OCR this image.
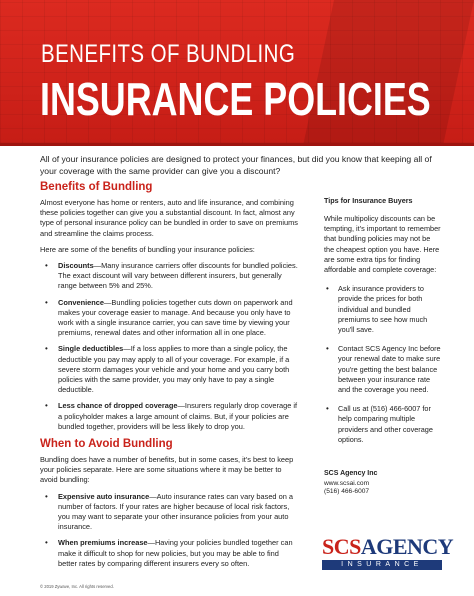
BENEFITS OF BUNDLING
INSURANCE POLICIES

All of your insurance policies are designed to protect your finances, but did you know that keeping all of your coverage with the same provider can give you a discount?

Benefits of Bundling

Almost everyone has home or renters, auto and life insurance, and combining these policies together can give you a substantial discount. In fact, almost any type of personal insurance policy can be bundled in order to save on premiums and streamline the claims process.

Here are some of the benefits of bundling your insurance policies:

• Discounts—Many insurance carriers offer discounts for bundled policies. The exact discount will vary between different insurers, but generally range between 5% and 25%.
• Convenience—Bundling policies together cuts down on paperwork and makes your coverage easier to manage. And because you only have to work with a single insurance carrier, you can save time by viewing your premiums, renewal dates and other information all in one place.
• Single deductibles—If a loss applies to more than a single policy, the deductible you pay may apply to all of your coverage. For example, if a severe storm damages your vehicle and your home and you carry both policies with the same provider, you may only have to pay a single deductible.
• Less chance of dropped coverage—Insurers regularly drop coverage if a policyholder makes a large amount of claims. But, if your policies are bundled together, providers will be less likely to drop you.
When to Avoid Bundling

Bundling does have a number of benefits, but in some cases, it's best to keep your policies separate. Here are some situations where it may be better to avoid bundling:

• Expensive auto insurance—Auto insurance rates can vary based on a number of factors. If your rates are higher because of local risk factors, you may want to separate your other insurance policies from your auto insurance.
• When premiums increase—Having your policies bundled together can make it difficult to shop for new policies, but you may be able to find better rates by comparing different insurers every so often.
Tips for Insurance Buyers

While multipolicy discounts can be tempting, it's important to remember that bundling policies may not be the cheapest option you have. Here are some extra tips for finding affordable and complete coverage:

• Ask insurance providers to provide the prices for both individual and bundled premiums to see how much you'll save.
• Contact SCS Agency Inc before your renewal date to make sure you're getting the best balance between your insurance rate and the coverage you need.
• Call us at (516) 466-6007 for help comparing multiple providers and other coverage options.
SCS Agency Inc
www.scsai.com
(516) 466-6007
SCSAGENCY
INSURANCE
© 2019 Zywave, Inc. All rights reserved.
